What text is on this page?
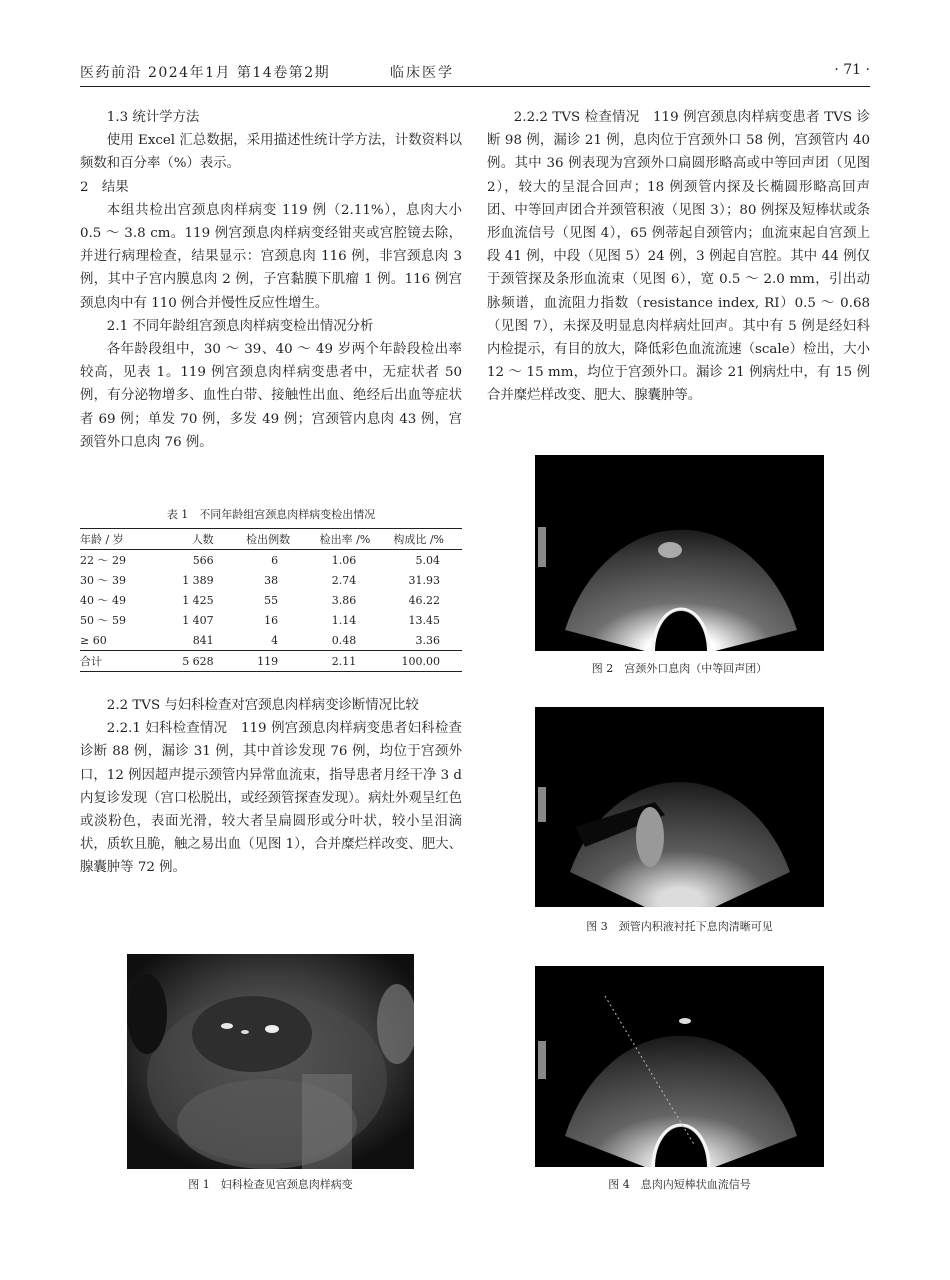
医药前沿 2024年1月 第14卷第2期	临床医学	· 71 ·

1.3 统计学方法

使用 Excel 汇总数据，采用描述性统计学方法，计数资料以频数和百分率（%）表示。

2　结果

本组共检出宫颈息肉样病变 119 例（2.11%），息肉大小 0.5 ～ 3.8 cm。119 例宫颈息肉样病变经钳夹或宫腔镜去除，并进行病理检查，结果显示：宫颈息肉 116 例，非宫颈息肉 3 例，其中子宫内膜息肉 2 例，子宫黏膜下肌瘤 1 例。116 例宫颈息肉中有 110 例合并慢性反应性增生。

2.1 不同年龄组宫颈息肉样病变检出情况分析

各年龄段组中，30 ～ 39、40 ～ 49 岁两个年龄段检出率较高，见表 1。119 例宫颈息肉样病变患者中，无症状者 50 例，有分泌物增多、血性白带、接触性出血、绝经后出血等症状者 69 例；单发 70 例，多发 49 例；宫颈管内息肉 43 例，宫颈管外口息肉 76 例。

表 1　不同年龄组宫颈息肉样病变检出情况
年龄 / 岁	人数	检出例数	检出率 /%	构成比 /%
22 ～ 29	566	6	1.06	5.04
30 ～ 39	1 389	38	2.74	31.93
40 ～ 49	1 425	55	3.86	46.22
50 ～ 59	1 407	16	1.14	13.45
≥ 60	841	4	0.48	3.36
合计	5 628	119	2.11	100.00

2.2 TVS 与妇科检查对宫颈息肉样病变诊断情况比较

2.2.1 妇科检查情况　119 例宫颈息肉样病变患者妇科检查诊断 88 例，漏诊 31 例，其中首诊发现 76 例，均位于宫颈外口，12 例因超声提示颈管内异常血流束，指导患者月经干净 3 d 内复诊发现（宫口松脱出，或经颈管探查发现）。病灶外观呈红色或淡粉色，表面光滑，较大者呈扁圆形或分叶状，较小呈泪滴状，质软且脆，触之易出血（见图 1），合并糜烂样改变、肥大、腺囊肿等 72 例。

2.2.2 TVS 检查情况　119 例宫颈息肉样病变患者 TVS 诊断 98 例，漏诊 21 例，息肉位于宫颈外口 58 例，宫颈管内 40 例。其中 36 例表现为宫颈外口扁圆形略高或中等回声团（见图 2），较大的呈混合回声；18 例颈管内探及长椭圆形略高回声团、中等回声团合并颈管积液（见图 3）；80 例探及短棒状或条形血流信号（见图 4），65 例蒂起自颈管内；血流束起自宫颈上段 41 例，中段（见图 5）24 例，3 例起自宫腔。其中 44 例仅于颈管探及条形血流束（见图 6），宽 0.5 ～ 2.0 mm，引出动脉频谱，血流阻力指数（resistance index, RI）0.5 ～ 0.68（见图 7），未探及明显息肉样病灶回声。其中有 5 例是经妇科内检提示，有目的放大，降低彩色血流流速（scale）检出，大小 12 ～ 15 mm，均位于宫颈外口。漏诊 21 例病灶中，有 15 例合并糜烂样改变、肥大、腺囊肿等。

图 1　妇科检查见宫颈息肉样病变
图 2　宫颈外口息肉（中等回声团）
图 3　颈管内积液衬托下息肉清晰可见
图 4　息肉内短棒状血流信号
